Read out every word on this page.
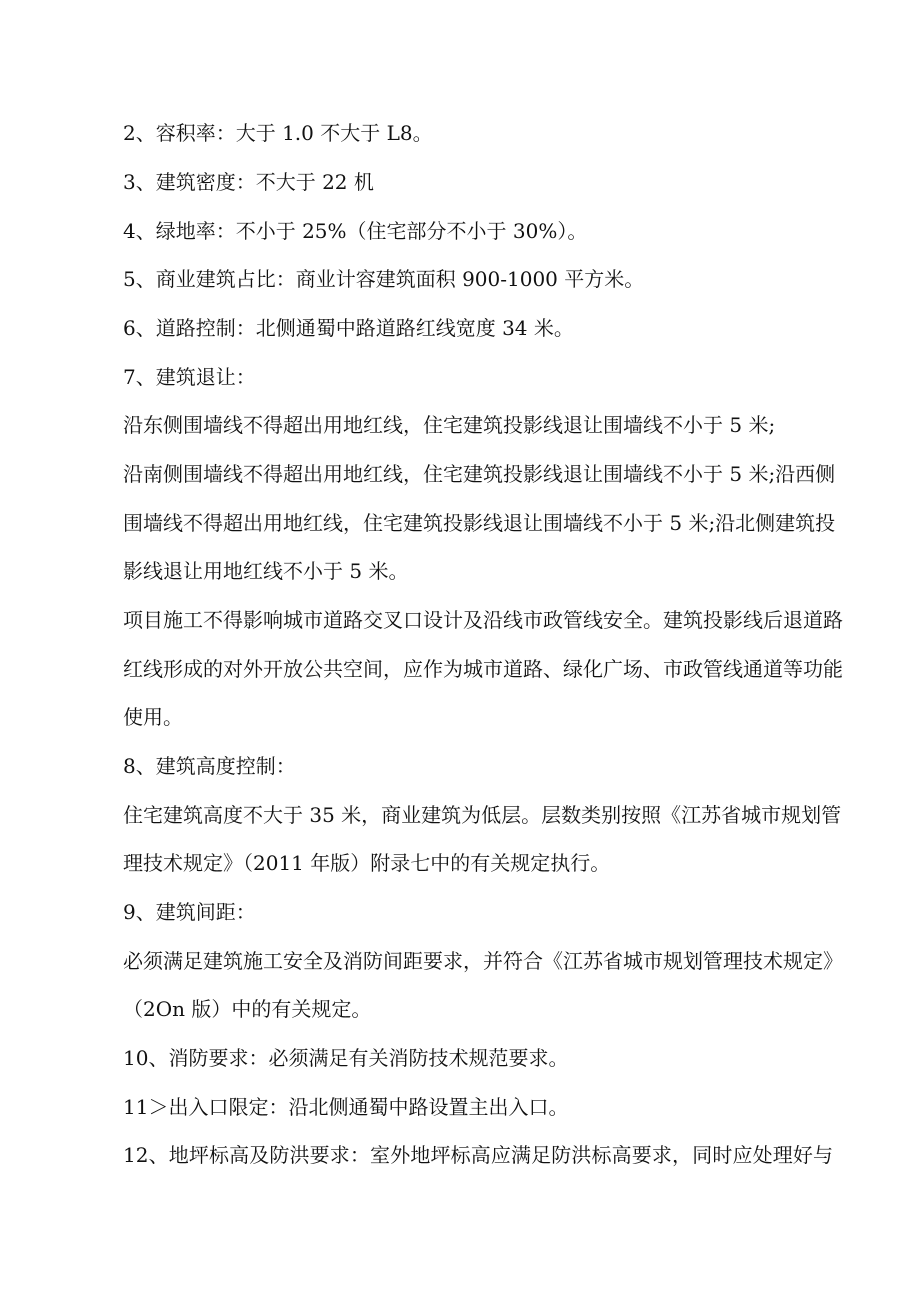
2、容积率：大于 1.0 不大于 L8。
3、建筑密度：不大于 22 机
4、绿地率：不小于 25%（住宅部分不小于 30%）。
5、商业建筑占比：商业计容建筑面积 900-1000 平方米。
6、道路控制：北侧通蜀中路道路红线宽度 34 米。
7、建筑退让：
沿东侧围墙线不得超出用地红线，住宅建筑投影线退让围墙线不小于 5 米;
沿南侧围墙线不得超出用地红线，住宅建筑投影线退让围墙线不小于 5 米;沿西侧
围墙线不得超出用地红线，住宅建筑投影线退让围墙线不小于 5 米;沿北侧建筑投
影线退让用地红线不小于 5 米。
项目施工不得影响城市道路交叉口设计及沿线市政管线安全。建筑投影线后退道路
红线形成的对外开放公共空间，应作为城市道路、绿化广场、市政管线通道等功能
使用。
8、建筑高度控制：
住宅建筑高度不大于 35 米，商业建筑为低层。层数类别按照《江苏省城市规划管
理技术规定》（2011 年版）附录七中的有关规定执行。
9、建筑间距：
必须满足建筑施工安全及消防间距要求，并符合《江苏省城市规划管理技术规定》
（2On 版）中的有关规定。
10、消防要求：必须满足有关消防技术规范要求。
11＞出入口限定：沿北侧通蜀中路设置主出入口。
12、地坪标高及防洪要求：室外地坪标高应满足防洪标高要求，同时应处理好与
